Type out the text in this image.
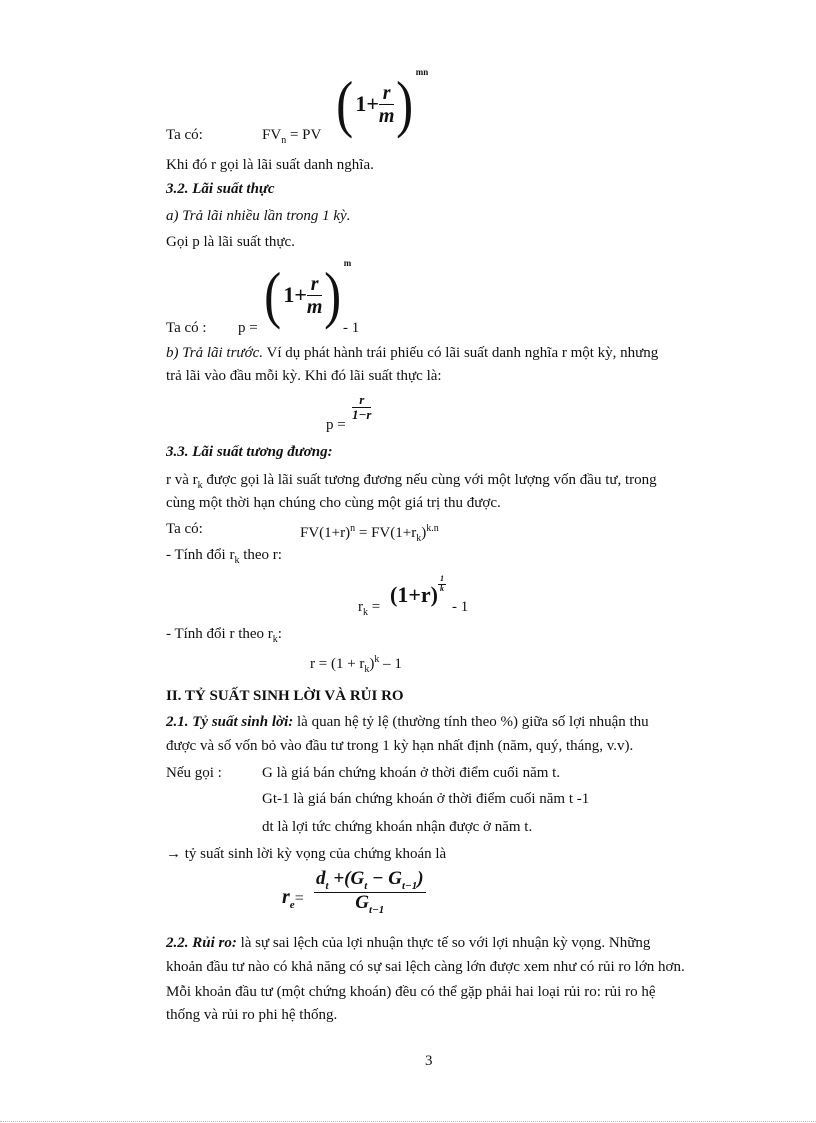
Ta có:	$FV_n$ = PV ($1+ \frac{r}{m}$ ) $^{mn}$
Khi đó r gọi là lãi suất danh nghĩa.
3.2. Lãi suất thực
a) Trả lãi nhiều lần trong 1 kỳ.
Gọi p là lãi suất thực.
Ta có : $p = (1+ \frac{r}{m}$ ) $^m$
- 1
b) Trả lãi trước. Ví dụ phát hành trái phiếu có lãi suất danh nghĩa r một kỳ, nhưng
trả lãi vào đầu mỗi kỳ. Khi đó lãi suất thực là:
p =
$\frac{r}{1-r}$
3.3. Lãi suất tương đương:
r và $r_k$ được gọi là lãi suất tương đương nếu cùng với một lượng vốn đầu tư, trong
cùng một thời hạn chúng cho cùng một giá trị thu được.
Ta có:	$FV(1+r)^n = FV(1+r_k)^{k.n}$
- Tính đổi $r_k$ theo r:
$r_k = (1+r) \frac{1}{k}$
- 1
- Tính đổi r theo $r_k$:
$r = (1 + r_k)^k - 1$
II. TỶ SUẤT SINH LỜI VÀ RỦI RO
2.1. Tỷ suất sinh lời: là quan hệ tỷ lệ (thường tính theo %) giữa số lợi nhuận thu
được và số vốn bỏ vào đầu tư trong 1 kỳ hạn nhất định (năm, quý, tháng, v.v).
Nếu gọi :	G là giá bán chứng khoán ở thời điểm cuối năm t.
Gt-1 là giá bán chứng khoán ở thời điểm cuối năm t -1
dt là lợi tức chứng khoán nhận được ở năm t.
→ tỷ suất sinh lời kỳ vọng của chứng khoán là
$r_e= \frac{d_t +(G_t - G_{t-1})}{G_{t-1}}$
2.2. Rủi ro: là sự sai lệch của lợi nhuận thực tế so với lợi nhuận kỳ vọng. Những
khoản đầu tư nào có khả năng có sự sai lệch càng lớn được xem như có rủi ro lớn hơn.
Mỗi khoản đầu tư (một chứng khoán) đều có thể gặp phải hai loại rủi ro: rủi ro hệ
thống và rủi ro phi hệ thống.
3
